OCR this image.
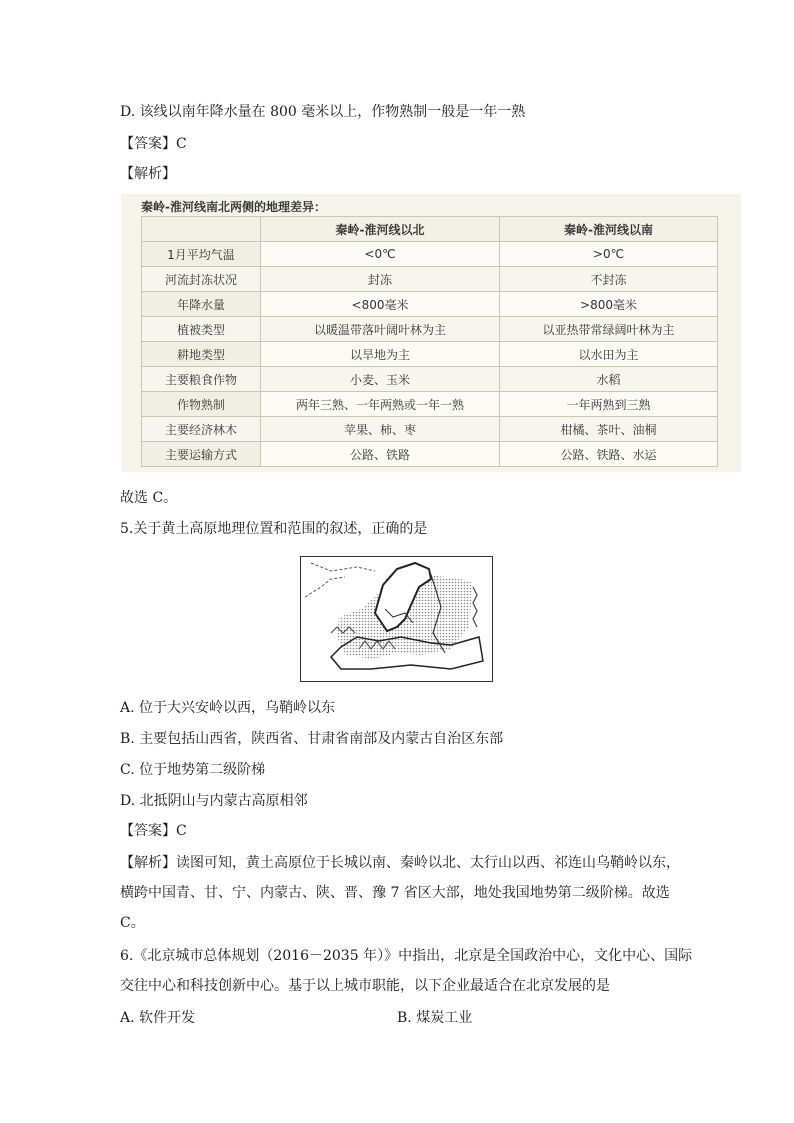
D. 该线以南年降水量在 800 毫米以上，作物熟制一般是一年一熟
【答案】C
【解析】
秦岭-淮河线南北两侧的地理差异：
	秦岭-淮河线以北	秦岭-淮河线以南
1月平均气温	<0℃	>0℃
河流封冻状况	封冻	不封冻
年降水量	<800毫米	>800毫米
植被类型	以暖温带落叶阔叶林为主	以亚热带常绿阔叶林为主
耕地类型	以旱地为主	以水田为主
主要粮食作物	小麦、玉米	水稻
作物熟制	两年三熟、一年两熟或一年一熟	一年两熟到三熟
主要经济林木	苹果、柿、枣	柑橘、茶叶、油桐
主要运输方式	公路、铁路	公路、铁路、水运
故选 C。
5.关于黄土高原地理位置和范围的叙述，正确的是
A. 位于大兴安岭以西，乌鞘岭以东
B. 主要包括山西省，陕西省、甘肃省南部及内蒙古自治区东部
C. 位于地势第二级阶梯
D. 北抵阴山与内蒙古高原相邻
【答案】C
【解析】读图可知，黄土高原位于长城以南、秦岭以北、太行山以西、祁连山乌鞘岭以东，
横跨中国青、甘、宁、内蒙古、陕、晋、豫 7 省区大部，地处我国地势第二级阶梯。故选
C。
6.《北京城市总体规划（2016－2035 年）》中指出，北京是全国政治中心，文化中心、国际
交往中心和科技创新中心。基于以上城市职能，以下企业最适合在北京发展的是
A. 软件开发	B. 煤炭工业
